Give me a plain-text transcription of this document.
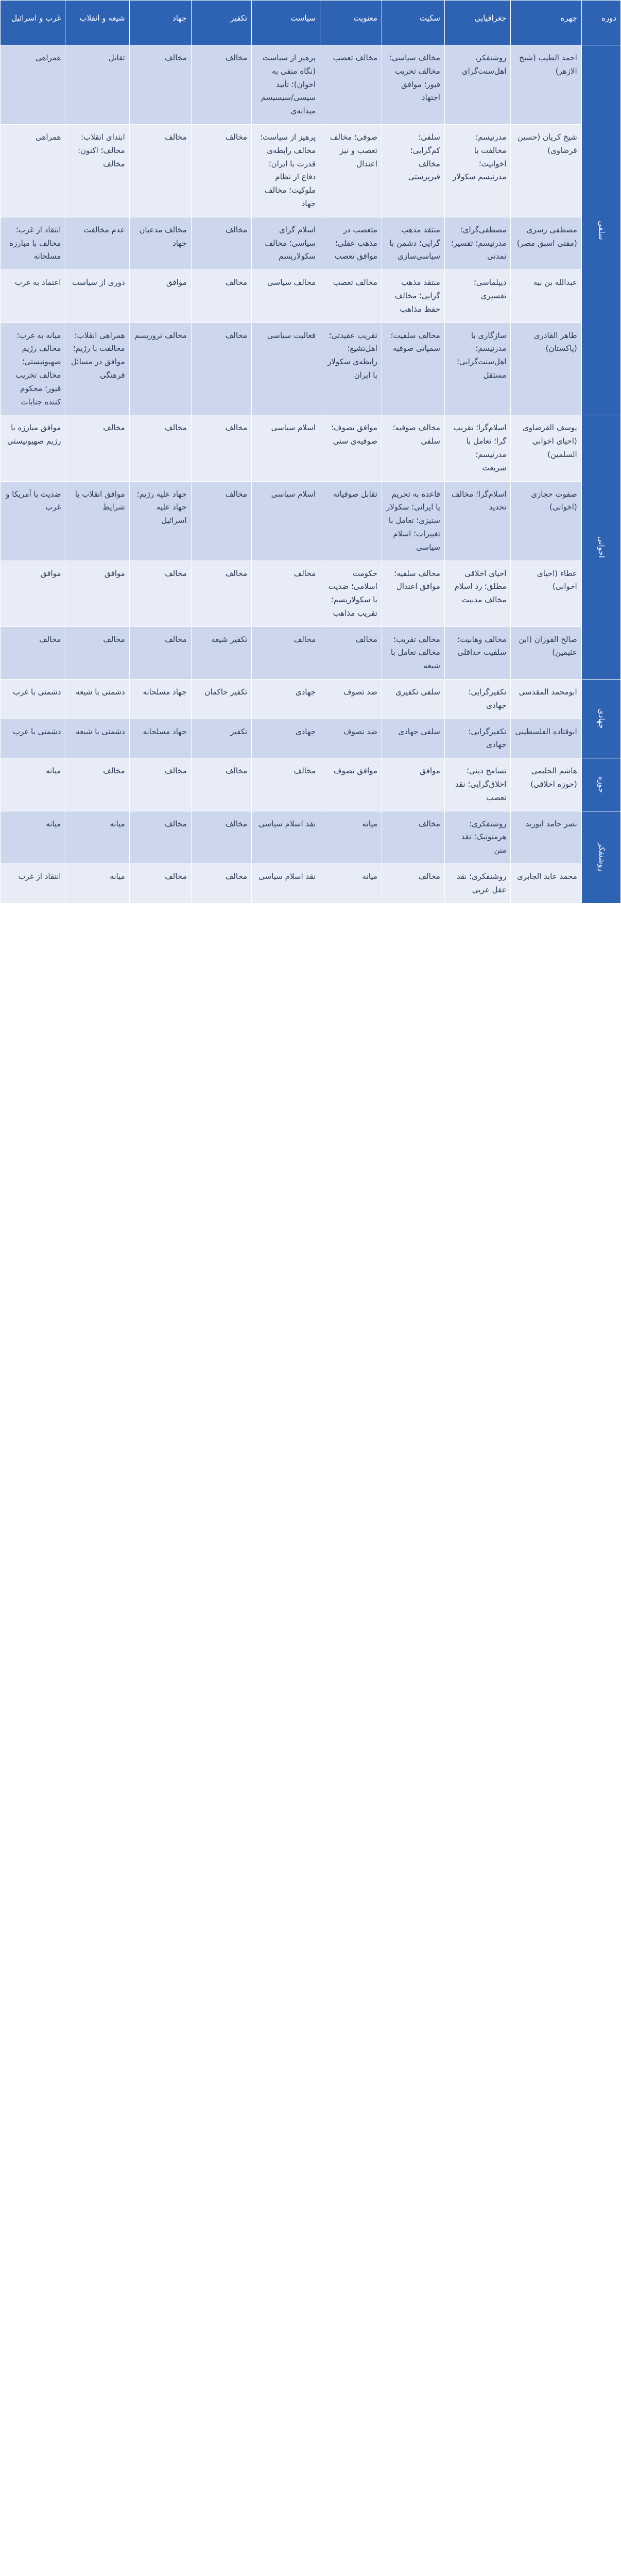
دوره	چهره	جغرافیایی	سکیت	معنویت	سیاست	تکفیر	جهاد	شیعه و انقلاب	غرب و اسرائیل
سلفی	احمد الطیب (شیخ الازهر)	روشنفکر، اهل‌سنت‌گرای	مخالف سیاسی؛ مخالف تخریب قبور؛ موافق اجتهاد	مخالف تعصب	پرهیز از سیاست (نگاه منفی به اخوان)؛ تأیید سیسی/سیسیسم میدانه‌ی	مخالف	مخالف	تقابل	همراهی
	شیخ کریان (حسین قرضاوی)	مدرنیسم؛ مخالفت با اخوانیت؛ مدرنیسم سکولار	سلفی؛ کم‌گرایی؛ مخالف قبرپرستی	صوفی؛ مخالف تعصب و نیز اعتدال	پرهیز از سیاست؛ مخالف رابطه‌ی قدرت با ایران؛ دفاع از نظام ملوکیت؛ مخالف جهاد	مخالف	مخالف	ابتدای انقلاب: مخالف؛ اکنون: مخالف	همراهی
	مصطفی رسری (مفتی اسبق مصر)	مصطفی‌گرای؛ مدرنیسم؛ تفسیر؛ تمدنی	منتقد مذهب گرایی؛ دشمن با سیاسی‌سازی	متعصب در مذهب عقلی؛ موافق تعصب	اسلام گرای سیاسی؛ مخالف سکولاریسم	مخالف	مخالف مدعیان جهاد	عدم مخالفت	انتقاد از غرب؛ مخالف با مبارزه مسلحانه
	عبدالله بن بیه	دیپلماسی؛ تفسیری	منتقد مذهب گرایی؛ مخالف حفظ مذاهب	مخالف تعصب	مخالف سیاسی	مخالف	موافق	دوری از سیاست	اعتماد به غرب
	طاهر القادری (پاکستان)	سازگاری با مدرنیسم؛ اهل‌سنت‌گرایی؛ مستقل	مخالف سلفیت؛ سمپاتی صوفیه	تقریب عقیدتی؛ اهل‌تشیع؛ رابطه‌ی سکولار با ایران	فعالیت سیاسی	مخالف	مخالف تروریسم	همراهی انقلاب؛ مخالفت با رژیم؛ موافق در مسائل فرهنگی	میانه به غرب؛ مخالف رژیم صهیونیستی؛ مخالف تخریب قبور؛ محکوم کننده جنایات
اخوانی	یوسف القرضاوی (احیای اخوانی السلمین)	اسلام‌گرا؛ تقریب گرا؛ تعامل با مدرنیسم؛ شریعت	مخالف صوفیه؛ سلفی	موافق تصوف؛ صوفیه‌ی سنی	اسلام سیاسی	مخالف	مخالف	مخالف	موافق مبارزه با رژیم صهیونیستی
	صفوت حجازی (اخوانی)	اسلام‌گرا؛ مخالف تحدید	قاعده به تحریم یا ایرانی؛ سکولار ستیزی؛ تعامل با تغییرات؛ اسلام سیاسی	تقابل صوفیانه	اسلام سیاسی	مخالف	جهاد علیه رژیم؛ جهاد علیه اسرائیل	موافق انقلاب با شرایط	ضدیت با آمریکا و غرب
	عطاء (احیای اخوانی)	احیای اخلاقی مطلق؛ رد اسلام مخالف مدنیت	مخالف سلفیه؛ موافق اعتدال	حکومت اسلامی؛ ضدیت با سکولاریسم؛ تقریب مذاهب	مخالف	مخالف	مخالف	موافق	موافق
	صالح الفوزان (ابن عثیمین)	مخالف وهابیت؛ سلفیت حداقلی	مخالف تقریب؛ مخالف تعامل با شیعه	مخالف	مخالف	تکفیر شیعه	مخالف	مخالف	مخالف
جهادی	ابومحمد المقدسی	تکفیرگرایی؛ جهادی	سلفی تکفیری	ضد تصوف	جهادی	تکفیر حاکمان	جهاد مسلحانه	دشمنی با شیعه	دشمنی با غرب
	ابوقتاده الفلسطینی	تکفیرگرایی؛ جهادی	سلفی جهادی	ضد تصوف	جهادی	تکفیر	جهاد مسلحانه	دشمنی با شیعه	دشمنی با غرب
حوزه	هاشم الحلیمی (حوزه اخلاقی)	تسامح دینی؛ اخلاق‌گرایی؛ نقد تعصب	موافق	موافق تصوف	مخالف	مخالف	مخالف	مخالف	میانه
روشنفکر	نصر حامد ابوزید	روشنفکری؛ هرمنوتیک؛ نقد متن	مخالف	میانه	نقد اسلام سیاسی	مخالف	مخالف	میانه	میانه
	محمد عابد الجابری	روشنفکری؛ نقد عقل عربی	مخالف	میانه	نقد اسلام سیاسی	مخالف	مخالف	میانه	انتقاد از غرب
